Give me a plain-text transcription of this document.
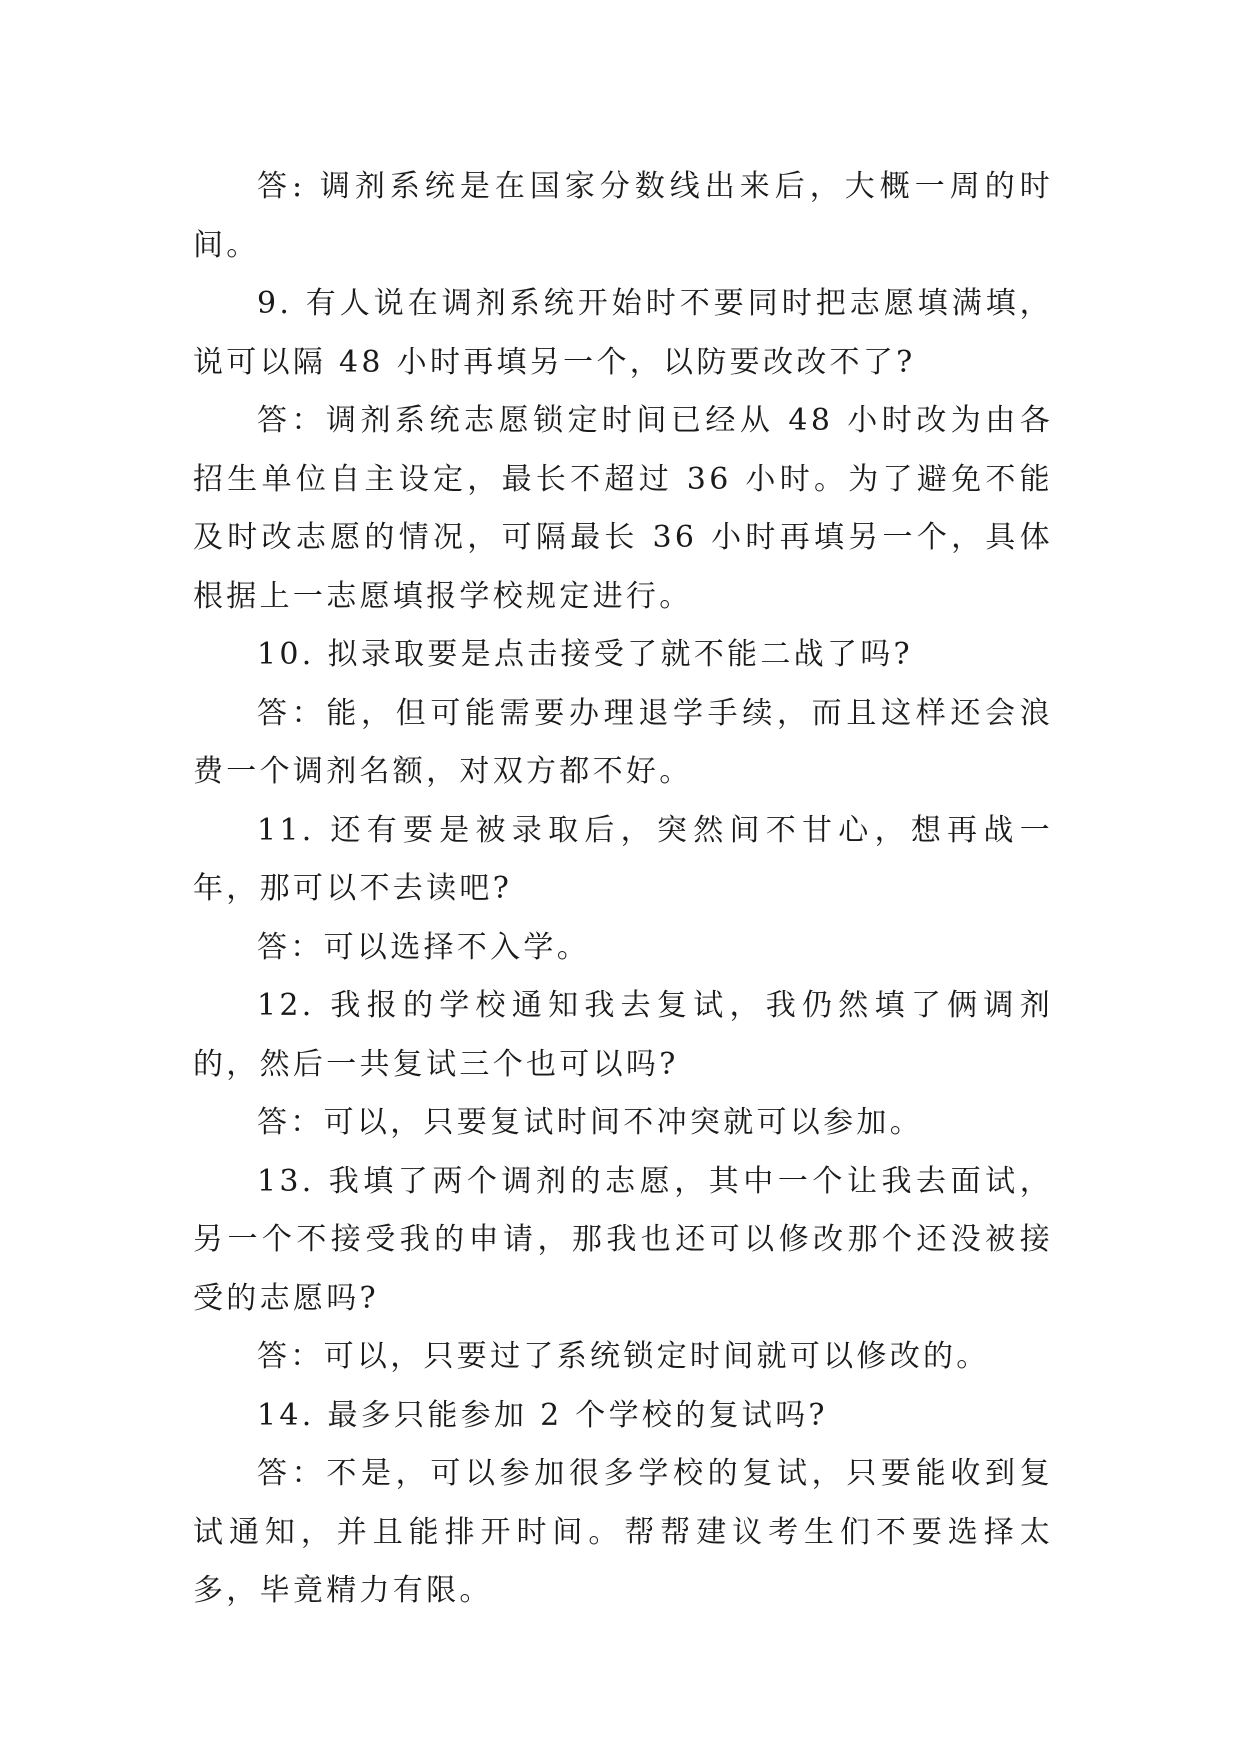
答: 调剂系统是在国家分数线出来后，大概一周的时间。

9. 有人说在调剂系统开始时不要同时把志愿填满填，说可以隔 48 小时再填另一个，以防要改改不了?

答：调剂系统志愿锁定时间已经从 48 小时改为由各招生单位自主设定，最长不超过 36 小时。为了避免不能及时改志愿的情况，可隔最长 36 小时再填另一个，具体根据上一志愿填报学校规定进行。

10. 拟录取要是点击接受了就不能二战了吗?

答：能，但可能需要办理退学手续，而且这样还会浪费一个调剂名额，对双方都不好。

11. 还有要是被录取后，突然间不甘心，想再战一年，那可以不去读吧?

答：可以选择不入学。

12. 我报的学校通知我去复试，我仍然填了俩调剂的，然后一共复试三个也可以吗?

答：可以，只要复试时间不冲突就可以参加。

13. 我填了两个调剂的志愿，其中一个让我去面试，另一个不接受我的申请，那我也还可以修改那个还没被接受的志愿吗?

答：可以，只要过了系统锁定时间就可以修改的。

14. 最多只能参加 2 个学校的复试吗?

答：不是，可以参加很多学校的复试，只要能收到复试通知，并且能排开时间。帮帮建议考生们不要选择太多，毕竟精力有限。
